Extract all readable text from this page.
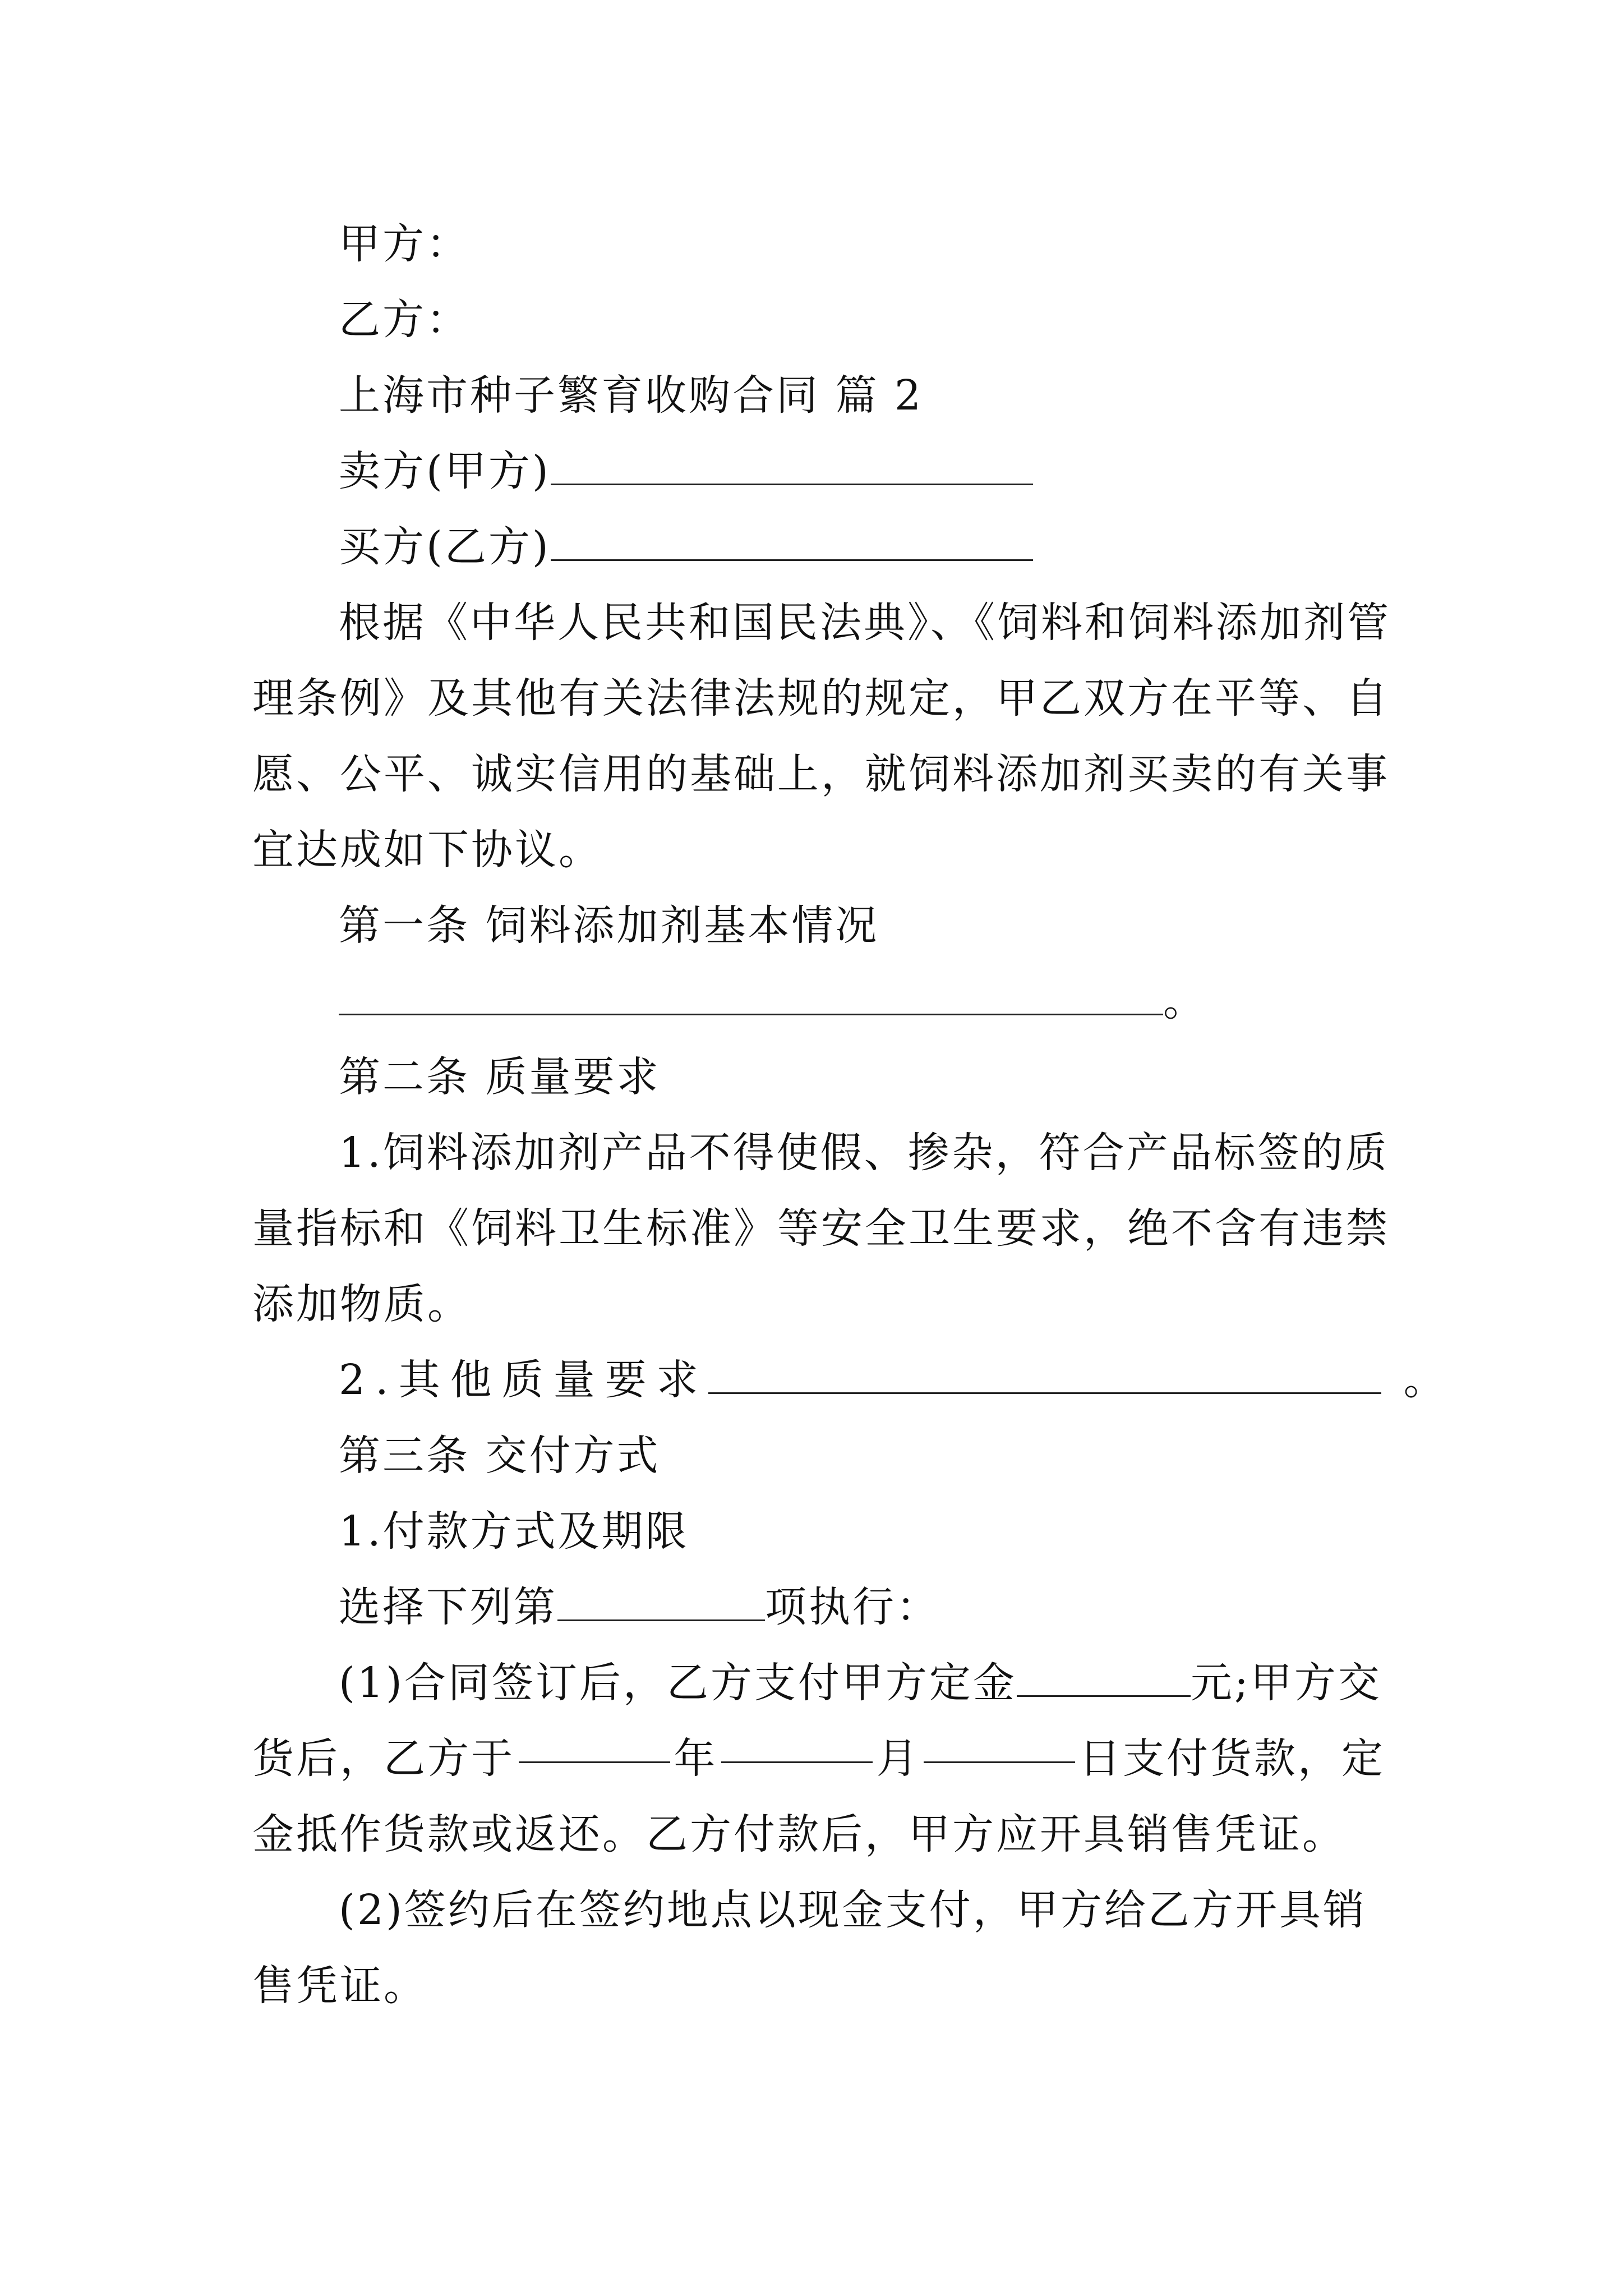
甲方：
乙方：
上海市种子繁育收购合同 篇 2
卖方(甲方)
买方(乙方)
根据《中华人民共和国民法典》、《饲料和饲料添加剂管
理条例》及其他有关法律法规的规定，甲乙双方在平等、自
愿、公平、诚实信用的基础上，就饲料添加剂买卖的有关事
宜达成如下协议。
第一条 饲料添加剂基本情况
。
第二条 质量要求
1.饲料添加剂产品不得使假、掺杂，符合产品标签的质
量指标和《饲料卫生标准》等安全卫生要求，绝不含有违禁
添加物质。
2.其他质量要求	。
第三条 交付方式
1.付款方式及期限
选择下列第	项执行：
(1)合同签订后，乙方支付甲方定金	元;甲方交
货后，乙方于	年	月	日支付货款，定
金抵作货款或返还。乙方付款后，甲方应开具销售凭证。
(2)签约后在签约地点以现金支付，甲方给乙方开具销
售凭证。
